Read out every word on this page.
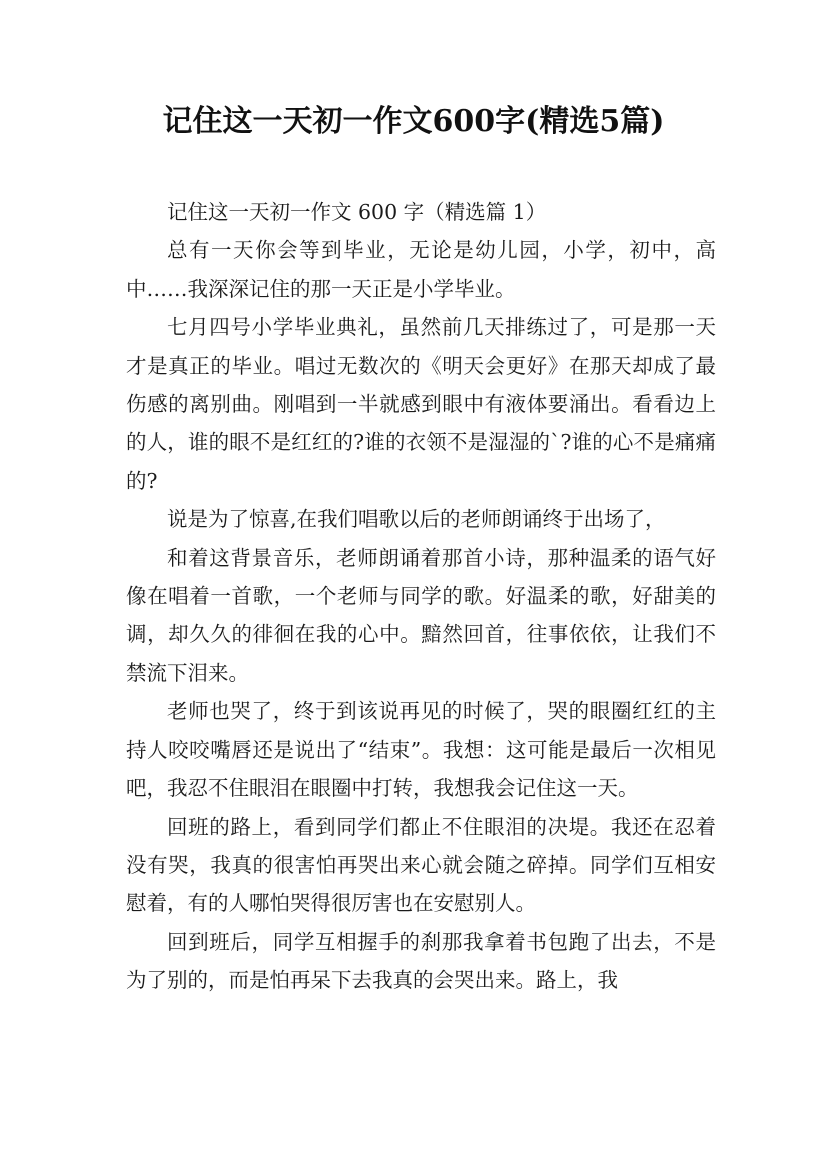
记住这一天初一作文600字(精选5篇)

记住这一天初一作文 600 字（精选篇 1）

总有一天你会等到毕业，无论是幼儿园，小学，初中，高中……我深深记住的那一天正是小学毕业。

七月四号小学毕业典礼，虽然前几天排练过了，可是那一天才是真正的毕业。唱过无数次的《明天会更好》在那天却成了最伤感的离别曲。刚唱到一半就感到眼中有液体要涌出。看看边上的人，谁的眼不是红红的?谁的衣领不是湿湿的`?谁的心不是痛痛的?

说是为了惊喜,在我们唱歌以后的老师朗诵终于出场了，

和着这背景音乐，老师朗诵着那首小诗，那种温柔的语气好像在唱着一首歌，一个老师与同学的歌。好温柔的歌，好甜美的调，却久久的徘徊在我的心中。黯然回首，往事依依，让我们不禁流下泪来。

老师也哭了，终于到该说再见的时候了，哭的眼圈红红的主持人咬咬嘴唇还是说出了“结束”。我想：这可能是最后一次相见吧，我忍不住眼泪在眼圈中打转，我想我会记住这一天。

回班的路上，看到同学们都止不住眼泪的决堤。我还在忍着没有哭，我真的很害怕再哭出来心就会随之碎掉。同学们互相安慰着，有的人哪怕哭得很厉害也在安慰别人。

回到班后，同学互相握手的刹那我拿着书包跑了出去，不是为了别的，而是怕再呆下去我真的会哭出来。路上，我
